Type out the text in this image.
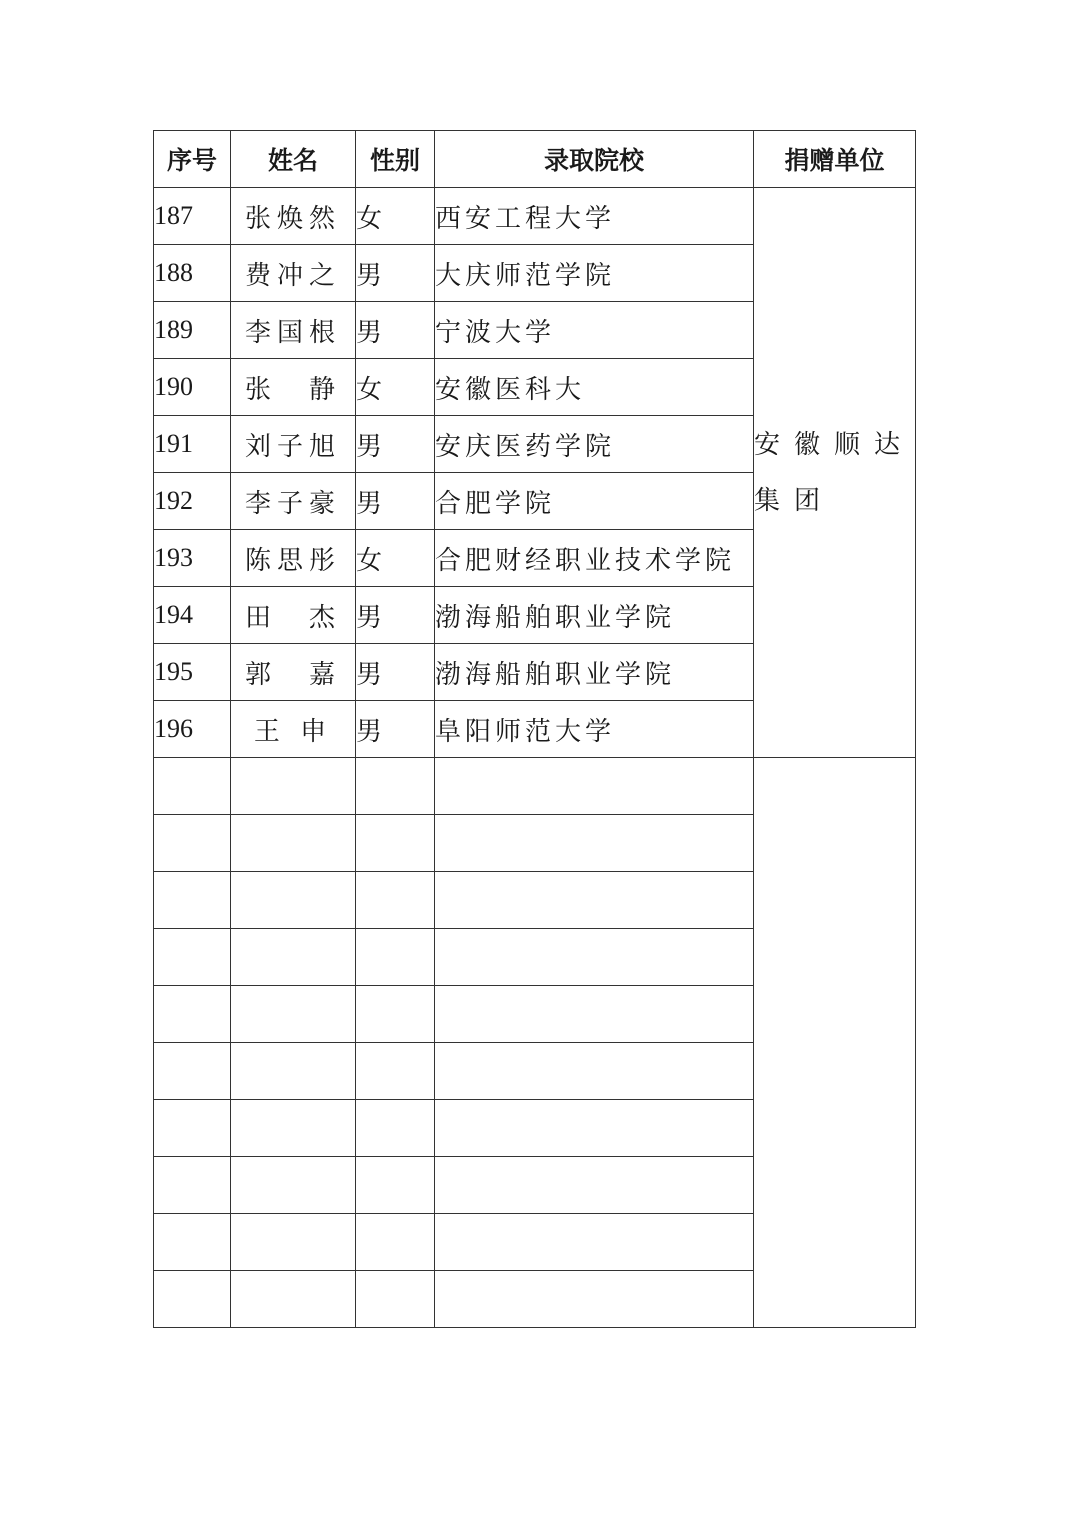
序号	姓名	性别	录取院校	捐赠单位
187	张焕然	女	西安工程大学	安徽顺达集团
188	费冲之	男	大庆师范学院	
189	李国根	男	宁波大学	
190	张　静	女	安徽医科大	
191	刘子旭	男	安庆医药学院	
192	李子豪	男	合肥学院	
193	陈思彤	女	合肥财经职业技术学院	
194	田　杰	男	渤海船舶职业学院	
195	郭　嘉	男	渤海船舶职业学院	
196	王 申	男	阜阳师范大学	
